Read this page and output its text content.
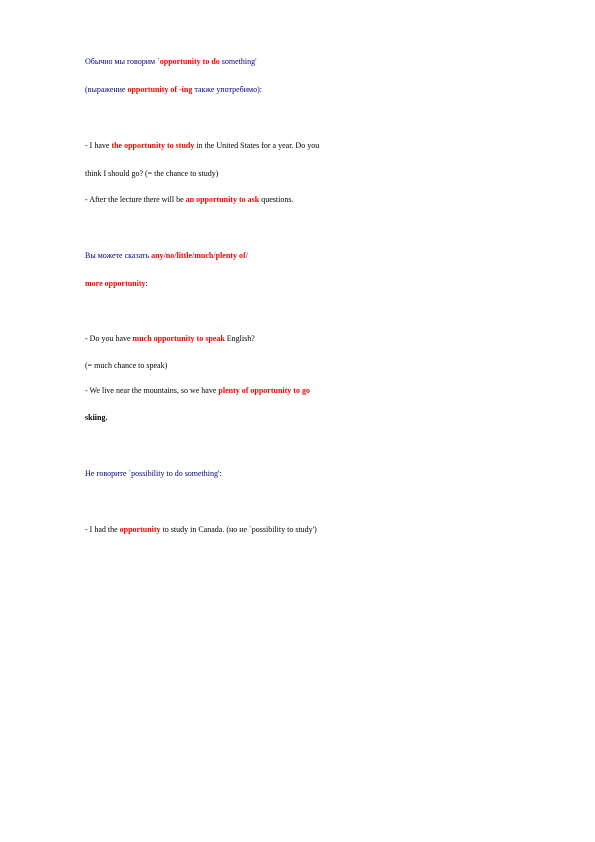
Обычно мы говорим `opportunity to do something'
(выражение opportunity of -ing также употребимо):
- I have the opportunity to study in the United States for a year. Do you
think I should go? (= the chance to study)
- After the lecture there will be an opportunity to ask questions.
Вы можете сказать any/no/little/much/plenty of/
more opportunity:
- Do you have much opportunity to speak English?
(= much chance to speak)
- We live near the mountains, so we have plenty of opportunity to go
skiing.
Не говорите `possibility to do something':
- I had the opportunity to study in Canada. (но не `possibility to study')
